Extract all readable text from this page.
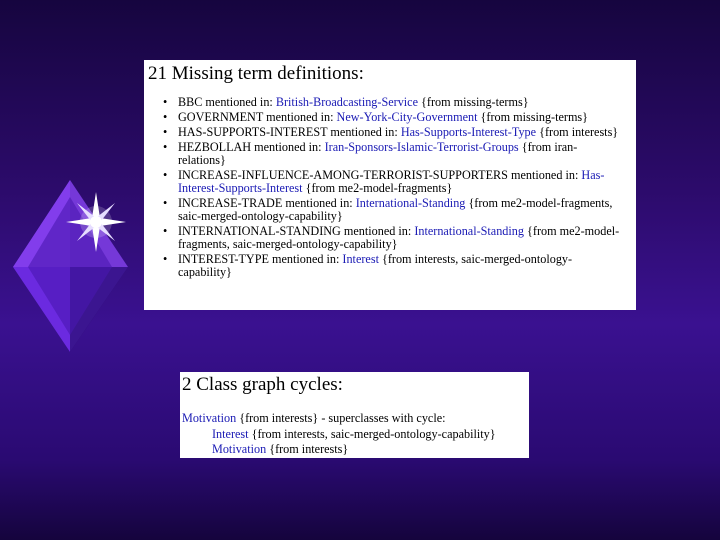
21 Missing term definitions:
• BBC mentioned in: British-Broadcasting-Service {from missing-terms}
• GOVERNMENT mentioned in: New-York-City-Government {from missing-terms}
• HAS-SUPPORTS-INTEREST mentioned in: Has-Supports-Interest-Type {from interests}
• HEZBOLLAH mentioned in: Iran-Sponsors-Islamic-Terrorist-Groups {from iran-relations}
• INCREASE-INFLUENCE-AMONG-TERRORIST-SUPPORTERS mentioned in: Has-Interest-Supports-Interest {from me2-model-fragments}
• INCREASE-TRADE mentioned in: International-Standing {from me2-model-fragments, saic-merged-ontology-capability}
• INTERNATIONAL-STANDING mentioned in: International-Standing {from me2-model-fragments, saic-merged-ontology-capability}
• INTEREST-TYPE mentioned in: Interest {from interests, saic-merged-ontology-capability}
2 Class graph cycles:
Motivation {from interests} - superclasses with cycle:
Interest {from interests, saic-merged-ontology-capability}
Motivation {from interests}
